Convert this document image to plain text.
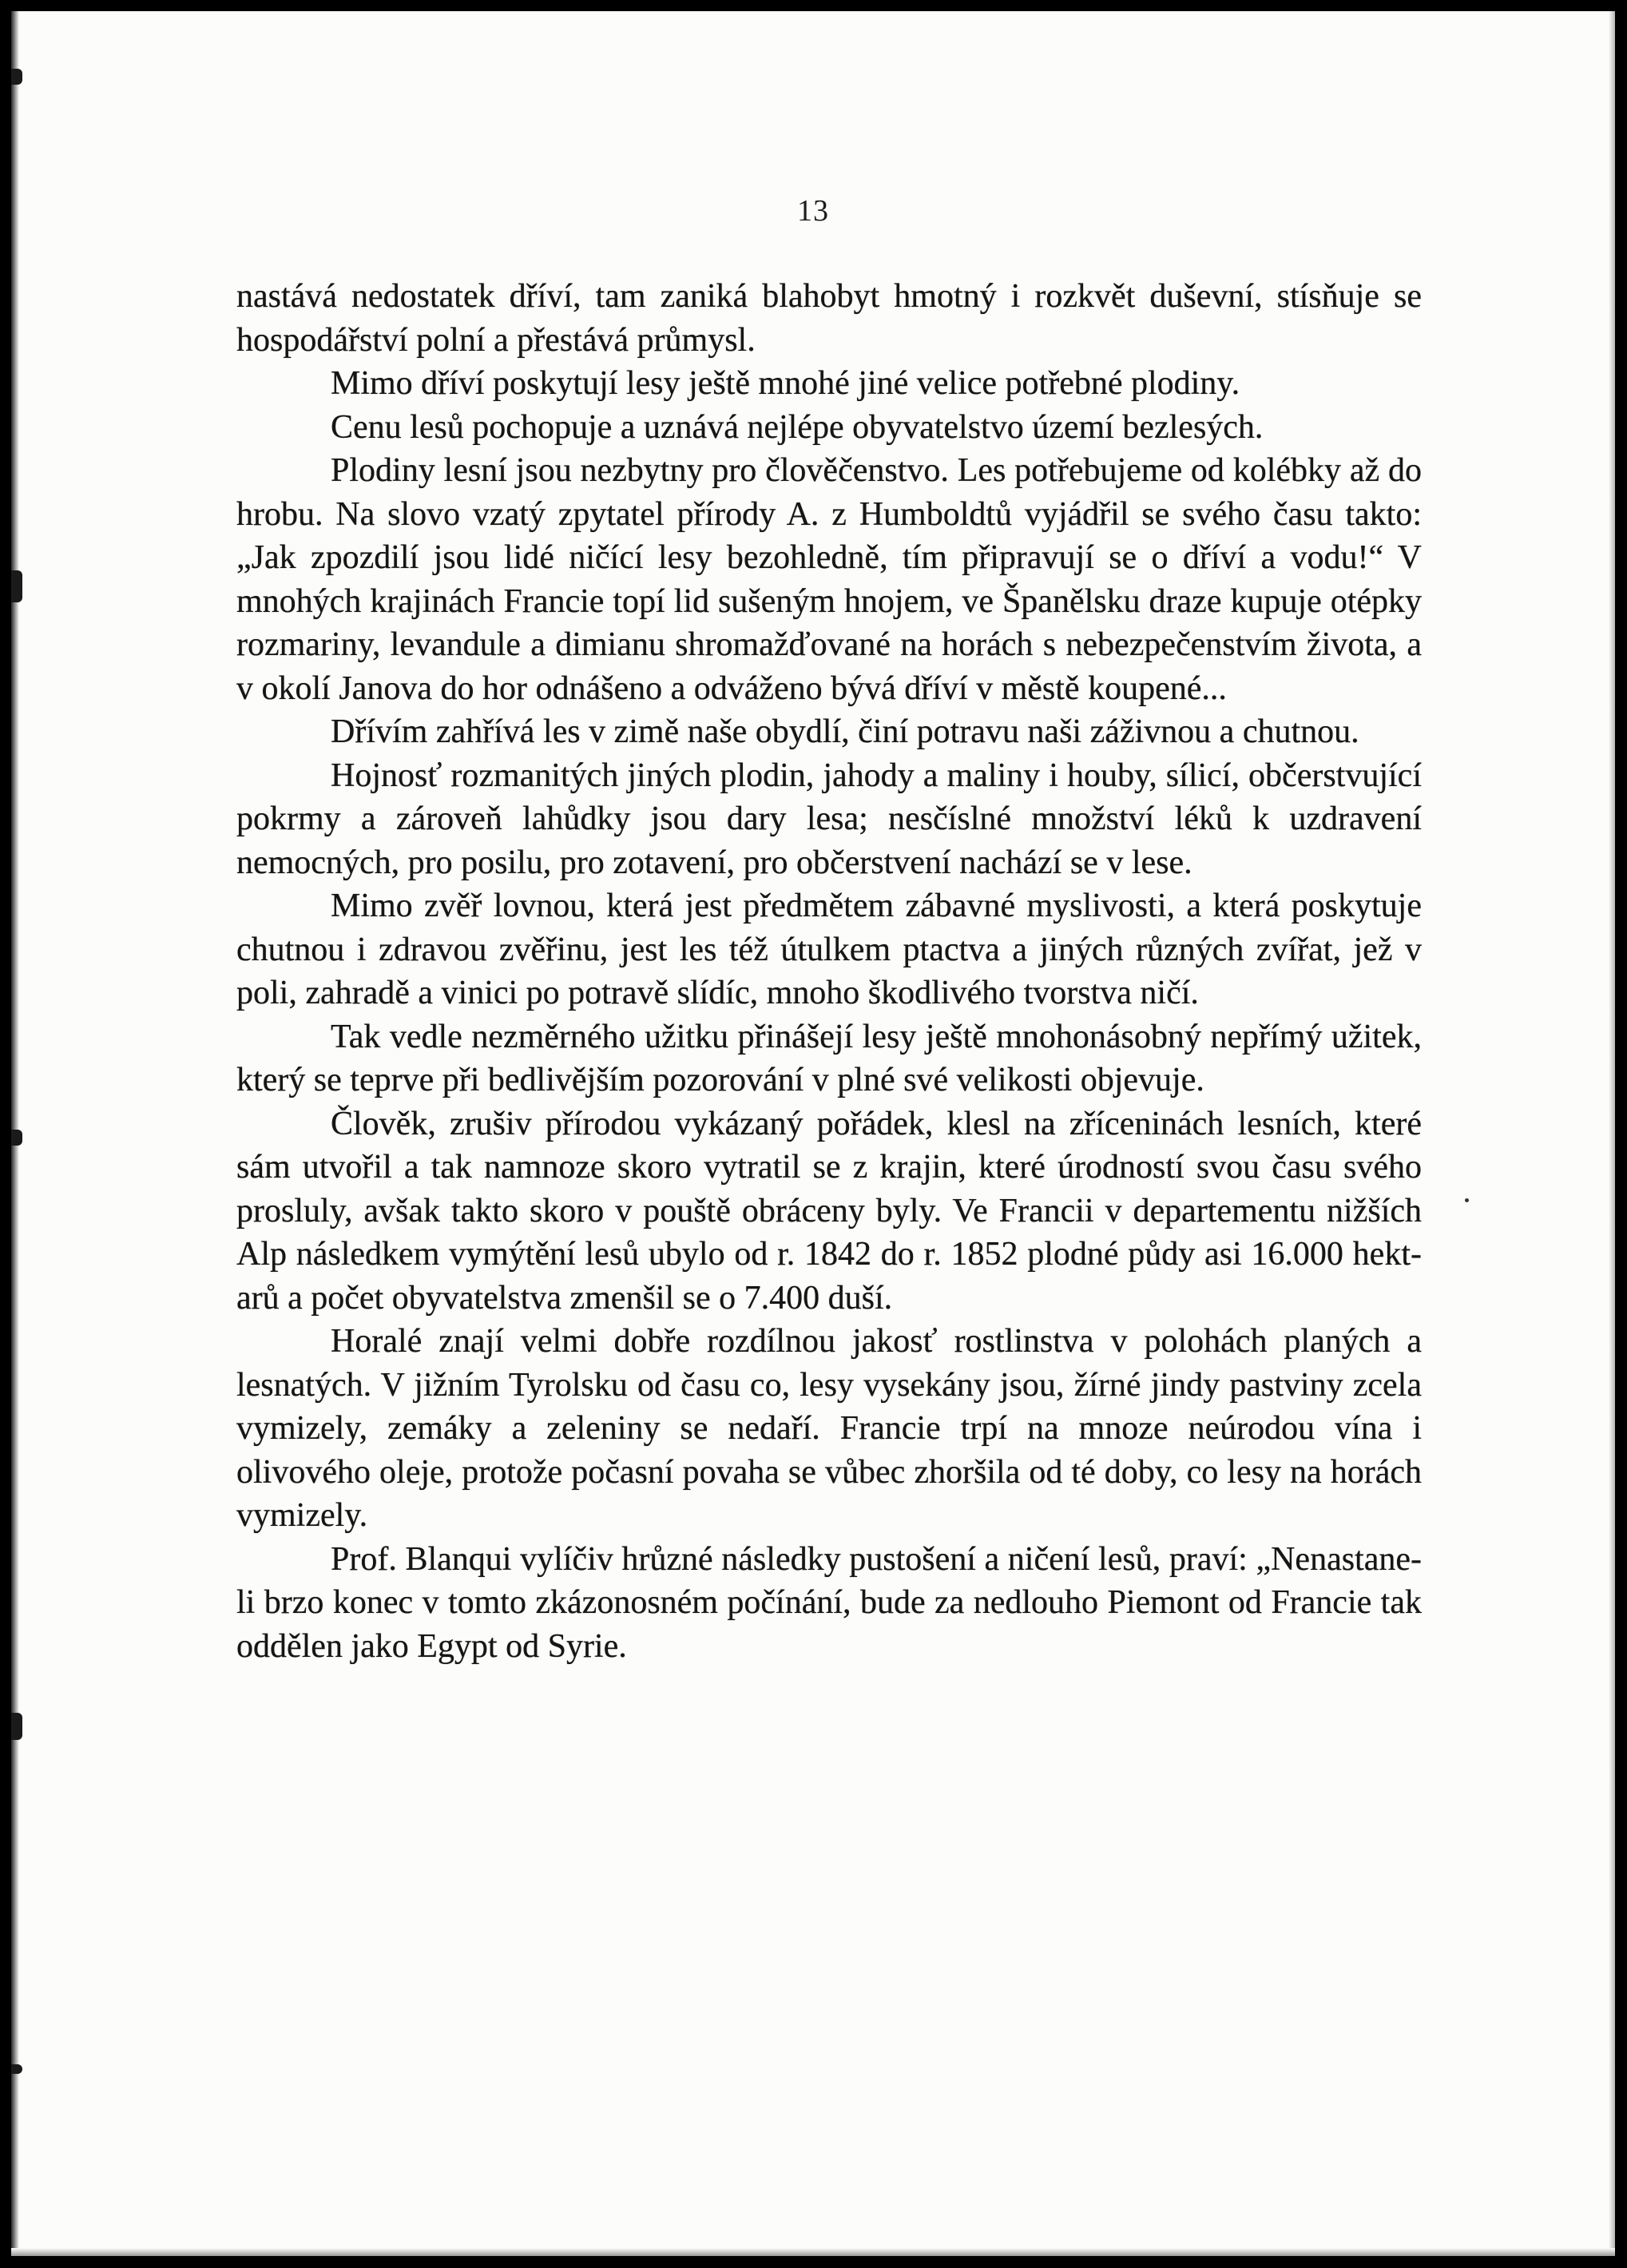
13

nastává nedostatek dříví, tam zaniká blahobyt hmotný i rozkvět duševní, stísňuje se hospodářství polní a přestává průmysl.

Mimo dříví poskytují lesy ještě mnohé jiné velice potřebné plodiny.

Cenu lesů pochopuje a uznává nejlépe obyvatelstvo území bezlesých.

Plodiny lesní jsou nezbytny pro člověčenstvo. Les potřebujeme od kolébky až do hrobu. Na slovo vzatý zpytatel přírody A. z Humboldtů vyjádřil se svého času takto: „Jak zpozdilí jsou lidé ničící lesy bezohledně, tím připravují se o dříví a vodu!“ V mnohých krajinách Francie topí lid sušeným hnojem, ve Španělsku draze kupuje otépky rozmariny, levandule a dimianu shromažďované na horách s nebezpečenstvím života, a v okolí Janova do hor odnášeno a odváženo bývá dříví v městě koupené...

Dřívím zahřívá les v zimě naše obydlí, činí potravu naši záživnou a chutnou.

Hojnosť rozmanitých jiných plodin, jahody a maliny i houby, sílicí, občerstvující pokrmy a zároveň lahůdky jsou dary lesa; nesčíslné množství léků k uzdravení nemocných, pro posilu, pro zotavení, pro občerstvení nachází se v lese.

Mimo zvěř lovnou, která jest předmětem zábavné myslivosti, a která poskytuje chutnou i zdravou zvěřinu, jest les též útulkem ptactva a jiných různých zvířat, jež v poli, zahradě a vinici po potravě slídíc, mnoho škodlivého tvorstva ničí.

Tak vedle nezměrného užitku přinášejí lesy ještě mnohonásobný nepřímý užitek, který se teprve při bedlivějším pozorování v plné své velikosti objevuje.

Člověk, zrušiv přírodou vykázaný pořádek, klesl na zříceninách lesních, které sám utvořil a tak namnoze skoro vytratil se z krajin, které úrodností svou času svého prosluly, avšak takto skoro v pouště obráceny byly. Ve Francii v departementu nižších Alp následkem vymýtění lesů ubylo od r. 1842 do r. 1852 plodné půdy asi 16.000 hektarů a počet obyvatelstva zmenšil se o 7.400 duší.

Horalé znají velmi dobře rozdílnou jakosť rostlinstva v polohách planých a lesnatých. V jižním Tyrolsku od času co, lesy vysekány jsou, žírné jindy pastviny zcela vymizely, zemáky a zeleniny se nedaří. Francie trpí na mnoze neúrodou vína i olivového oleje, protože počasní povaha se vůbec zhoršila od té doby, co lesy na horách vymizely.

Prof. Blanqui vylíčiv hrůzné následky pustošení a ničení lesů, praví: „Nenastane-li brzo konec v tomto zkázonosném počínání, bude za nedlouho Piemont od Francie tak oddělen jako Egypt od Syrie.
